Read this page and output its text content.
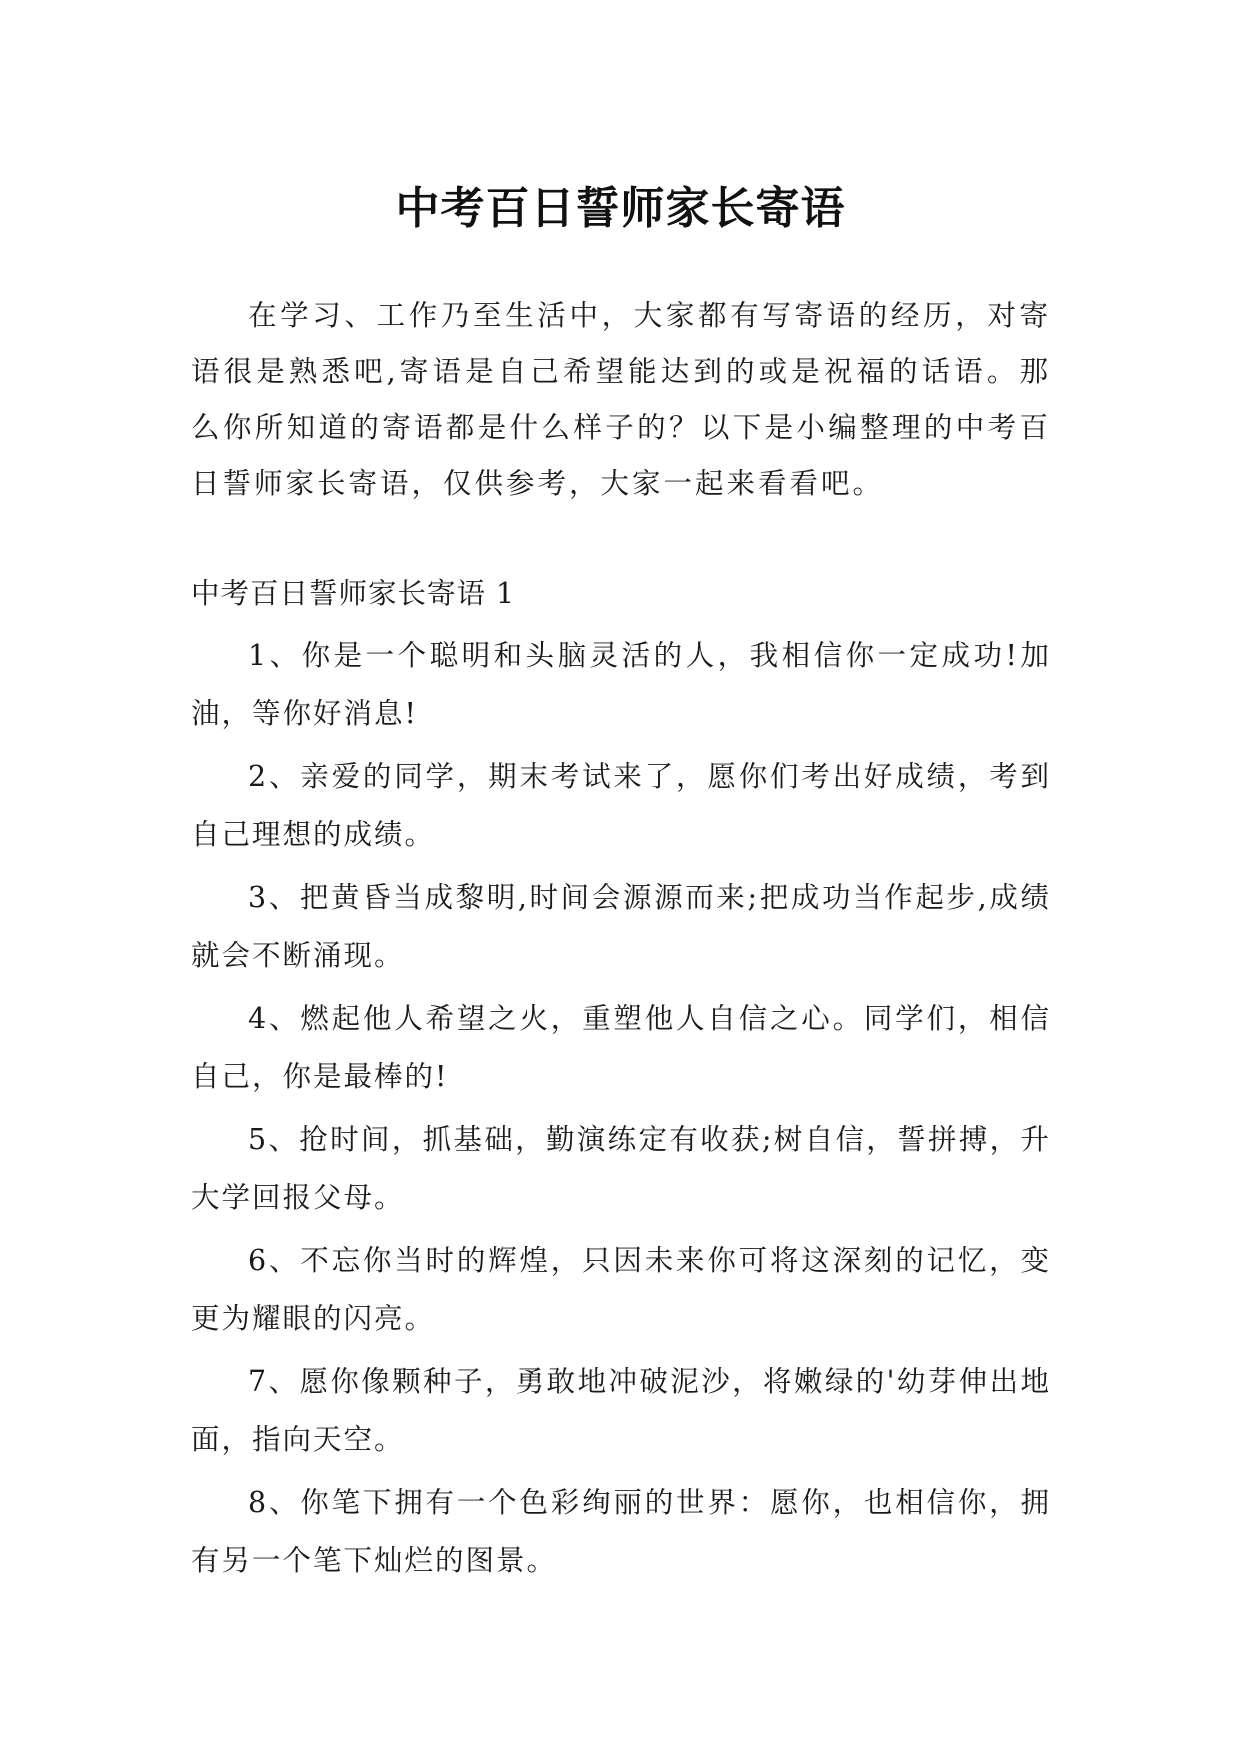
中考百日誓师家长寄语

在学习、工作乃至生活中，大家都有写寄语的经历，对寄语很是熟悉吧,寄语是自己希望能达到的或是祝福的话语。那么你所知道的寄语都是什么样子的？以下是小编整理的中考百日誓师家长寄语，仅供参考，大家一起来看看吧。

中考百日誓师家长寄语 1
1、你是一个聪明和头脑灵活的人，我相信你一定成功!加油，等你好消息!
2、亲爱的同学，期末考试来了，愿你们考出好成绩，考到自己理想的成绩。
3、把黄昏当成黎明,时间会源源而来;把成功当作起步,成绩就会不断涌现。
4、燃起他人希望之火，重塑他人自信之心。同学们，相信自己，你是最棒的!
5、抢时间，抓基础，勤演练定有收获;树自信，誓拼搏，升大学回报父母。
6、不忘你当时的辉煌，只因未来你可将这深刻的记忆，变更为耀眼的闪亮。
7、愿你像颗种子，勇敢地冲破泥沙，将嫩绿的'幼芽伸出地面，指向天空。
8、你笔下拥有一个色彩绚丽的世界：愿你，也相信你，拥有另一个笔下灿烂的图景。
